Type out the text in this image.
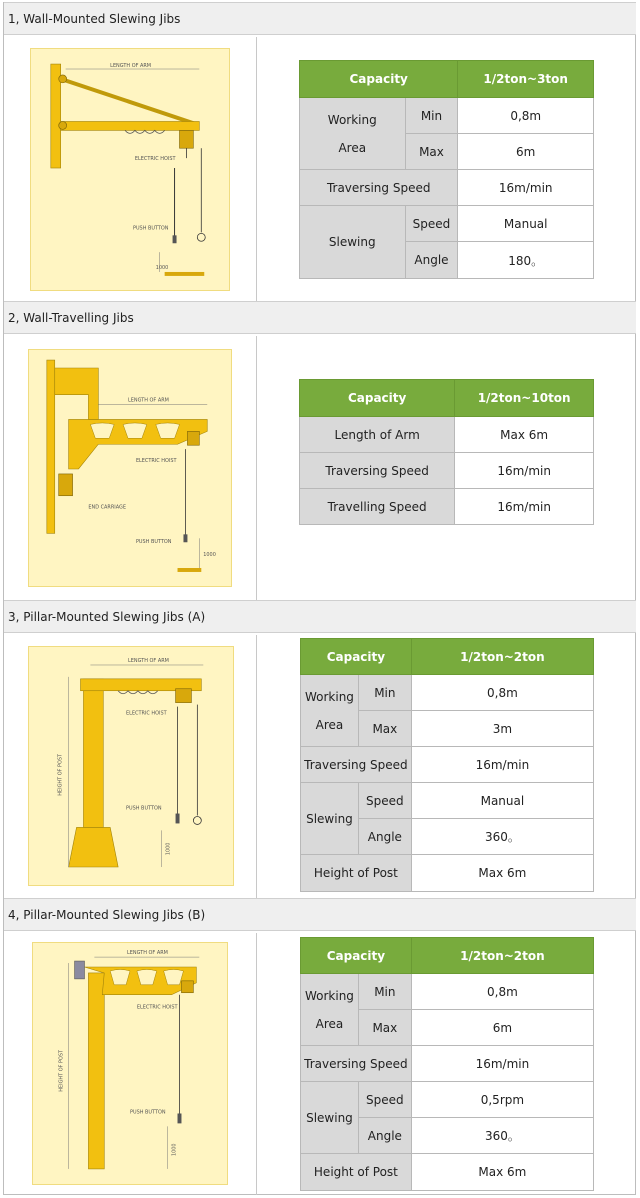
1, Wall-Mounted Slewing Jibs
LENGTH OF ARM
ELECTRIC HOIST
PUSH BUTTON
1000
Capacity		1/2ton~3ton

Working
Area	Min	0,8m
	Max	6m
Traversing Speed		16m/min
Slewing	Speed	Manual
	Angle	180。
2, Wall-Travelling Jibs
LENGTH OF ARM
ELECTRIC HOIST
END CARRIAGE
PUSH BUTTON
1000
Capacity	1/2ton~10ton
Length of Arm	Max 6m
Traversing Speed	16m/min
Travelling Speed	16m/min
3, Pillar-Mounted Slewing Jibs (A)
LENGTH OF ARM
ELECTRIC HOIST
PUSH BUTTON
HEIGHT OF POST
1000
Capacity		1/2ton~2ton

Working
Area	Min	0,8m
	Max	3m
Traversing Speed		16m/min
Slewing	Speed	Manual
	Angle	360。
Height of Post		Max 6m
4, Pillar-Mounted Slewing Jibs (B)
LENGTH OF ARM
ELECTRIC HOIST
PUSH BUTTON
HEIGHT OF POST
1000
Capacity		1/2ton~2ton

Working
Area	Min	0,8m
	Max	6m
Traversing Speed		16m/min
Slewing	Speed	0,5rpm
	Angle	360。
Height of Post		Max 6m
